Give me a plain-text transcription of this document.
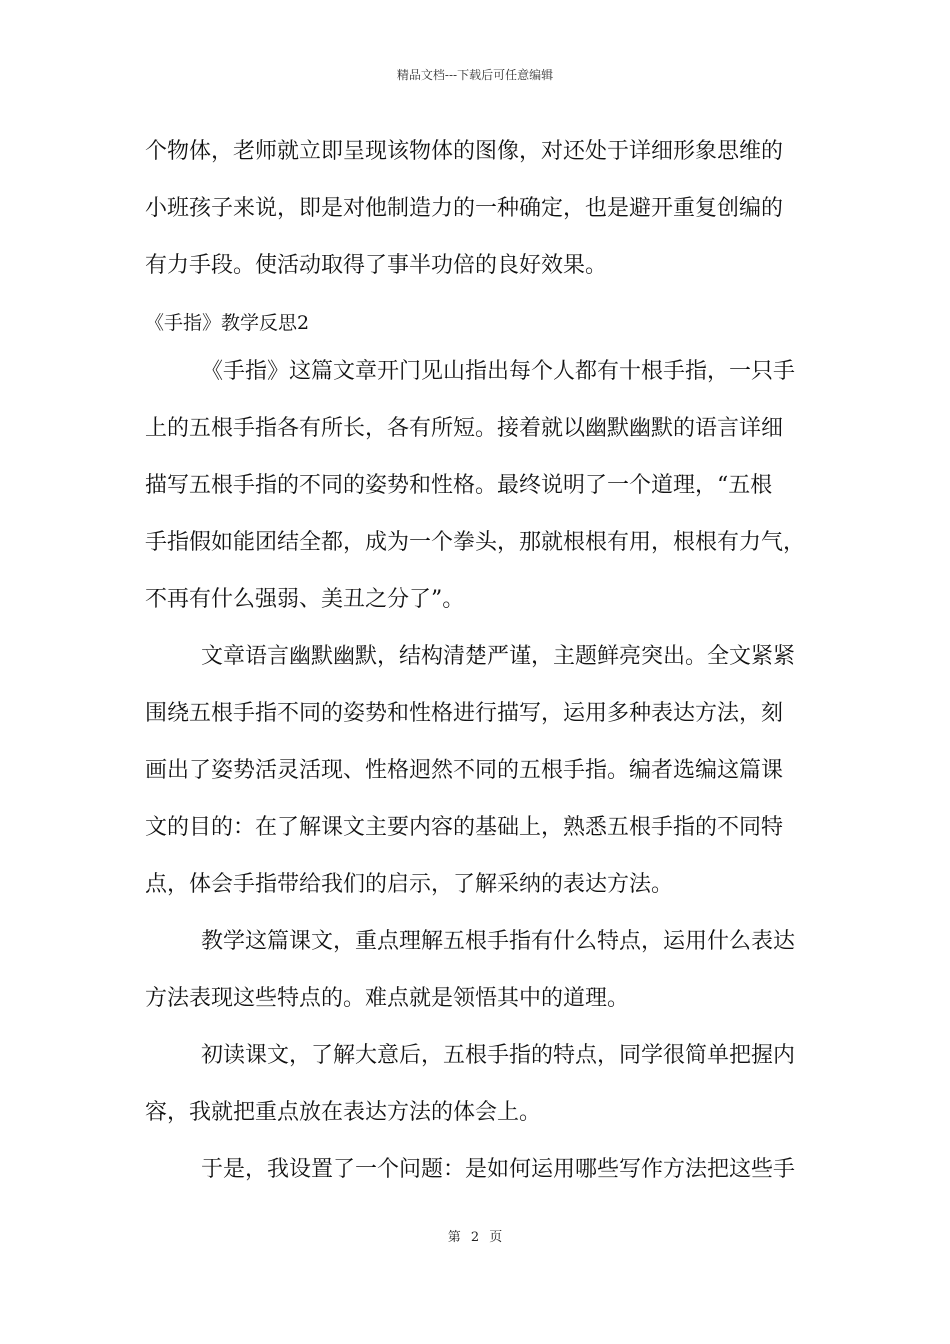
精品文档---下载后可任意编辑
个物体，老师就立即呈现该物体的图像，对还处于详细形象思维的
小班孩子来说，即是对他制造力的一种确定，也是避开重复创编的
有力手段。使活动取得了事半功倍的良好效果。
《手指》教学反思2
《手指》这篇文章开门见山指出每个人都有十根手指，一只手
上的五根手指各有所长，各有所短。接着就以幽默幽默的语言详细
描写五根手指的不同的姿势和性格。最终说明了一个道理，“五根
手指假如能团结全都，成为一个拳头，那就根根有用，根根有力气，
不再有什么强弱、美丑之分了”。
文章语言幽默幽默，结构清楚严谨，主题鲜亮突出。全文紧紧
围绕五根手指不同的姿势和性格进行描写，运用多种表达方法，刻
画出了姿势活灵活现、性格迥然不同的五根手指。编者选编这篇课
文的目的：在了解课文主要内容的基础上，熟悉五根手指的不同特
点，体会手指带给我们的启示，了解采纳的表达方法。
教学这篇课文，重点理解五根手指有什么特点，运用什么表达
方法表现这些特点的。难点就是领悟其中的道理。
初读课文，了解大意后，五根手指的特点，同学很简单把握内
容，我就把重点放在表达方法的体会上。
于是，我设置了一个问题：是如何运用哪些写作方法把这些手
第 2 页
